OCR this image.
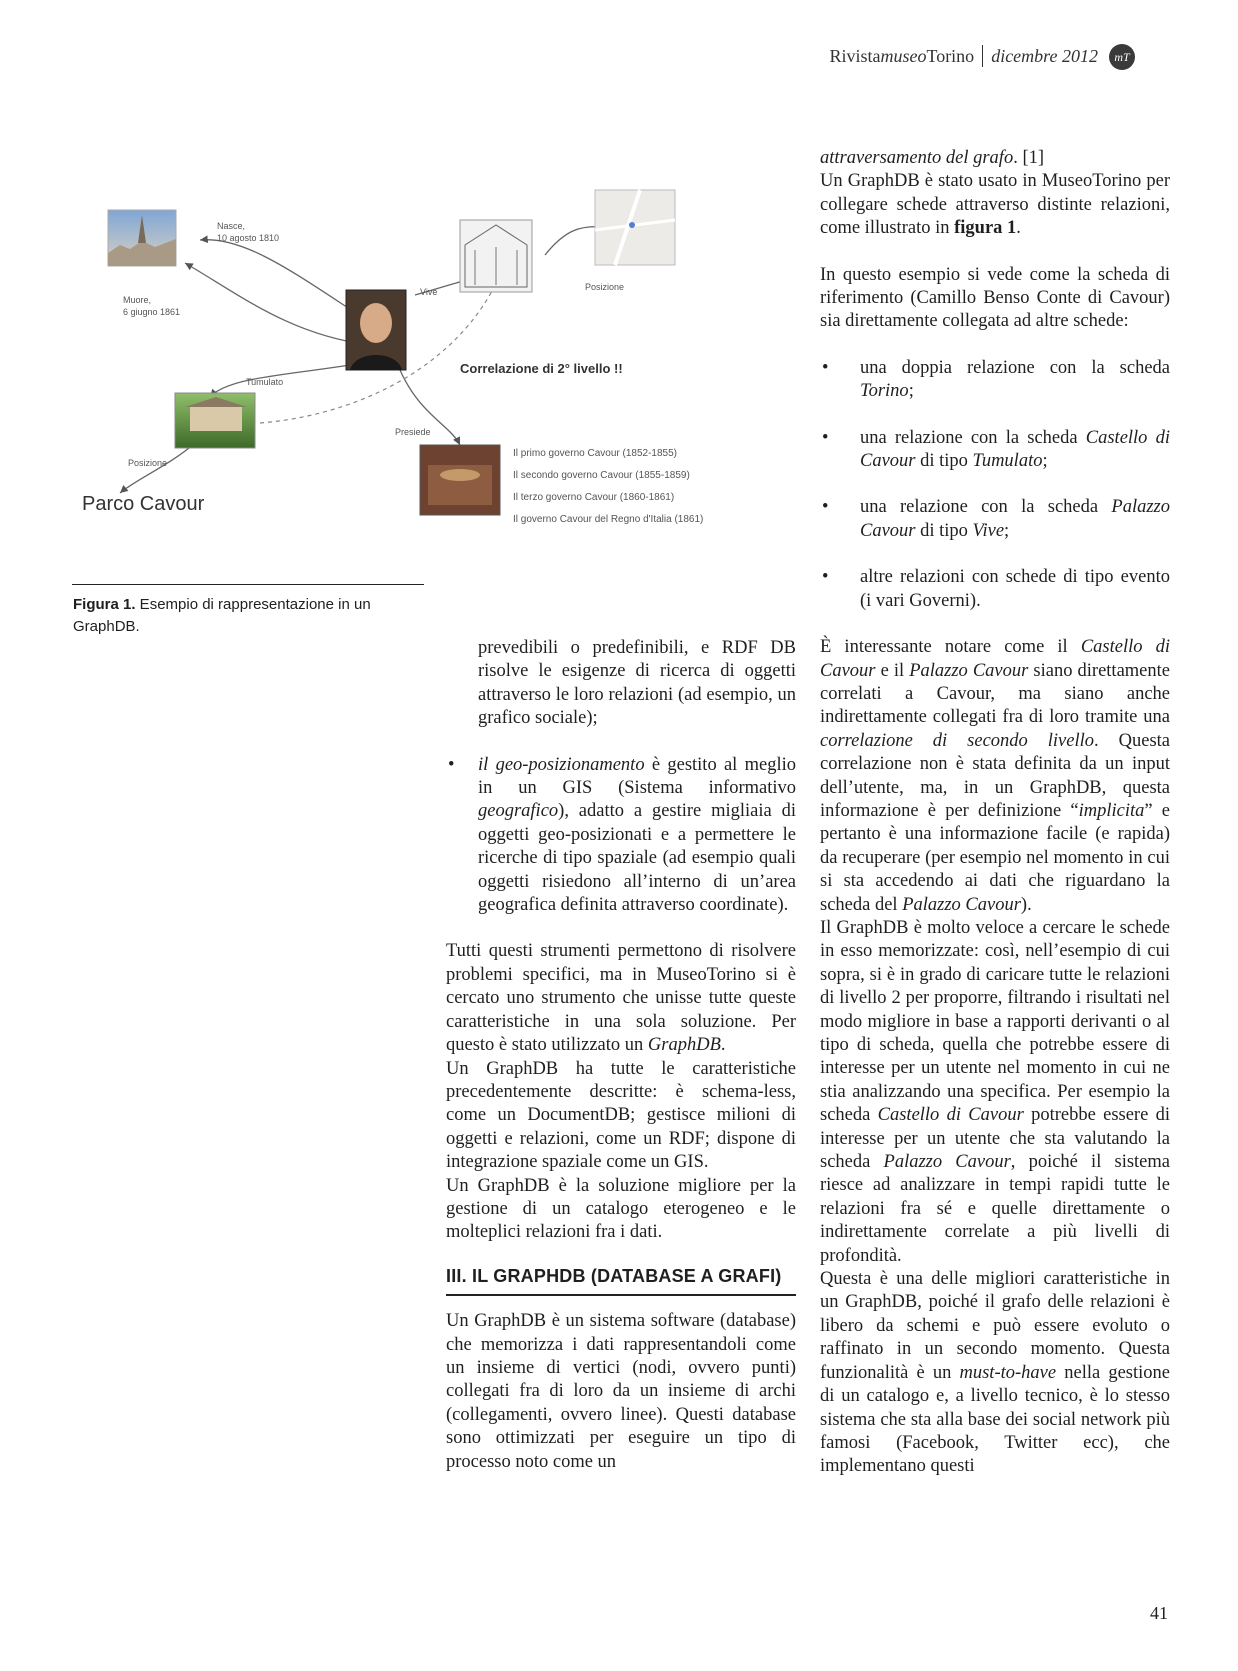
Rivista museo Torino dicembre 2012 mT
Nasce,
10 agosto 1810
Muore,
6 giugno 1861
Vive	Posizione
Tumulato
Presiede
Posizione
Correlazione di 2° livello !!
Parco Cavour
Il primo governo Cavour (1852-1855)
Il secondo governo Cavour (1855-1859)
Il terzo governo Cavour (1860-1861)
Il governo Cavour del Regno d'Italia (1861)
Figura 1. Esempio di rappresentazione in un GraphDB.

prevedibili o predefinibili, e RDF DB risolve le esigenze di ricerca di oggetti attraverso le loro relazioni (ad esempio, un grafico sociale);

• il geo-posizionamento è gestito al meglio in un GIS (Sistema informativo geografico), adatto a gestire migliaia di oggetti geo-posizionati e a permettere le ricerche di tipo spaziale (ad esempio quali oggetti risiedono all’interno di un’area geografica definita attraverso coordinate).

Tutti questi strumenti permettono di risolvere problemi specifici, ma in MuseoTorino si è cercato uno strumento che unisse tutte queste caratteristiche in una sola soluzione. Per questo è stato utilizzato un GraphDB.

Un GraphDB ha tutte le caratteristiche precedentemente descritte: è schema-less, come un DocumentDB; gestisce milioni di oggetti e relazioni, come un RDF; dispone di integrazione spaziale come un GIS.

Un GraphDB è la soluzione migliore per la gestione di un catalogo eterogeneo e le molteplici relazioni fra i dati.

III. IL GRAPHDB (DATABASE A GRAFI)

Un GraphDB è un sistema software (database) che memorizza i dati rappresentandoli come un insieme di vertici (nodi, ovvero punti) collegati fra di loro da un insieme di archi (collegamenti, ovvero linee). Questi database sono ottimizzati per eseguire un tipo di processo noto come un

attraversamento del grafo. [1]

Un GraphDB è stato usato in MuseoTorino per collegare schede attraverso distinte relazioni, come illustrato in figura 1.

In questo esempio si vede come la scheda di riferimento (Camillo Benso Conte di Cavour) sia direttamente collegata ad altre schede:

• una doppia relazione con la scheda Torino;

• una relazione con la scheda Castello di Cavour di tipo Tumulato;

• una relazione con la scheda Palazzo Cavour di tipo Vive;

• altre relazioni con schede di tipo evento (i vari Governi).

È interessante notare come il Castello di Cavour e il Palazzo Cavour siano direttamente correlati a Cavour, ma siano anche indirettamente collegati fra di loro tramite una correlazione di secondo livello. Questa correlazione non è stata definita da un input dell’utente, ma, in un GraphDB, questa informazione è per definizione “implicita” e pertanto è una informazione facile (e rapida) da recuperare (per esempio nel momento in cui si sta accedendo ai dati che riguardano la scheda del Palazzo Cavour).

Il GraphDB è molto veloce a cercare le schede in esso memorizzate: così, nell’esempio di cui sopra, si è in grado di caricare tutte le relazioni di livello 2 per proporre, filtrando i risultati nel modo migliore in base a rapporti derivanti o al tipo di scheda, quella che potrebbe essere di interesse per un utente nel momento in cui ne stia analizzando una specifica. Per esempio la scheda Castello di Cavour potrebbe essere di interesse per un utente che sta valutando la scheda Palazzo Cavour, poiché il sistema riesce ad analizzare in tempi rapidi tutte le relazioni fra sé e quelle direttamente o indirettamente correlate a più livelli di profondità.

Questa è una delle migliori caratteristiche in un GraphDB, poiché il grafo delle relazioni è libero da schemi e può essere evoluto o raffinato in un secondo momento. Questa funzionalità è un must-to-have nella gestione di un catalogo e, a livello tecnico, è lo stesso sistema che sta alla base dei social network più famosi (Facebook, Twitter ecc), che implementano questi

41
